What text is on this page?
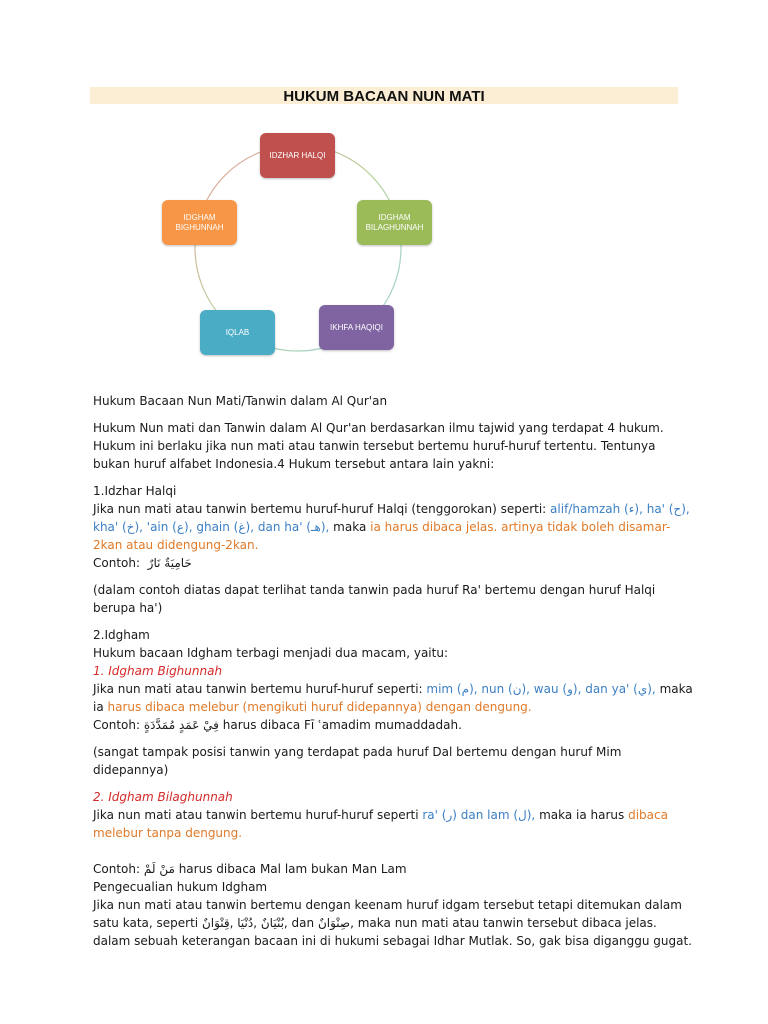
HUKUM BACAAN NUN MATI
IDZHAR HALQI
IDGHAM BILAGHUNNAH
IKHFA HAQIQI
IQLAB
IDGHAM BIGHUNNAH

Hukum Bacaan Nun Mati/Tanwin dalam Al Qur'an

Hukum Nun mati dan Tanwin dalam Al Qur'an berdasarkan ilmu tajwid yang terdapat 4 hukum. Hukum ini berlaku jika nun mati atau tanwin tersebut bertemu huruf-huruf tertentu. Tentunya bukan huruf alfabet Indonesia.4 Hukum tersebut antara lain yakni:

1.Idzhar Halqi

Jika nun mati atau tanwin bertemu huruf-huruf Halqi (tenggorokan) seperti: alif/hamzah (ء), ha' (ح), kha' (خ), 'ain (ع), ghain (غ), dan ha' (هـ), maka ia harus dibaca jelas. artinya tidak boleh disamar-2kan atau didengung-2kan.

Contoh: حَامِيَةٌ نَارٌ

(dalam contoh diatas dapat terlihat tanda tanwin pada huruf Ra' bertemu dengan huruf Halqi berupa ha')

2.Idgham

Hukum bacaan Idgham terbagi menjadi dua macam, yaitu:

1. Idgham Bighunnah

Jika nun mati atau tanwin bertemu huruf-huruf seperti: mim (م), nun (ن), wau (و), dan ya' (ي), maka ia harus dibaca melebur (mengikuti huruf didepannya) dengan dengung.

Contoh: فِيْ عَمَدٍ مُمَدَّدَةٍ harus dibaca Fī ʿamadim mumaddadah.

(sangat tampak posisi tanwin yang terdapat pada huruf Dal bertemu dengan huruf Mim didepannya)

2. Idgham Bilaghunnah

Jika nun mati atau tanwin bertemu huruf-huruf seperti ra' (ر) dan lam (ل), maka ia harus dibaca melebur tanpa dengung.

Contoh: مَنْ لَمْ harus dibaca Mal lam bukan Man Lam

Pengecualian hukum Idgham

Jika nun mati atau tanwin bertemu dengan keenam huruf idgam tersebut tetapi ditemukan dalam satu kata, seperti بُنْيَانٌ ,دُنْيَا ,قِنْوَانٌ, dan صِنْوَانٌ, maka nun mati atau tanwin tersebut dibaca jelas. dalam sebuah keterangan bacaan ini di hukumi sebagai Idhar Mutlak. So, gak bisa diganggu gugat.
